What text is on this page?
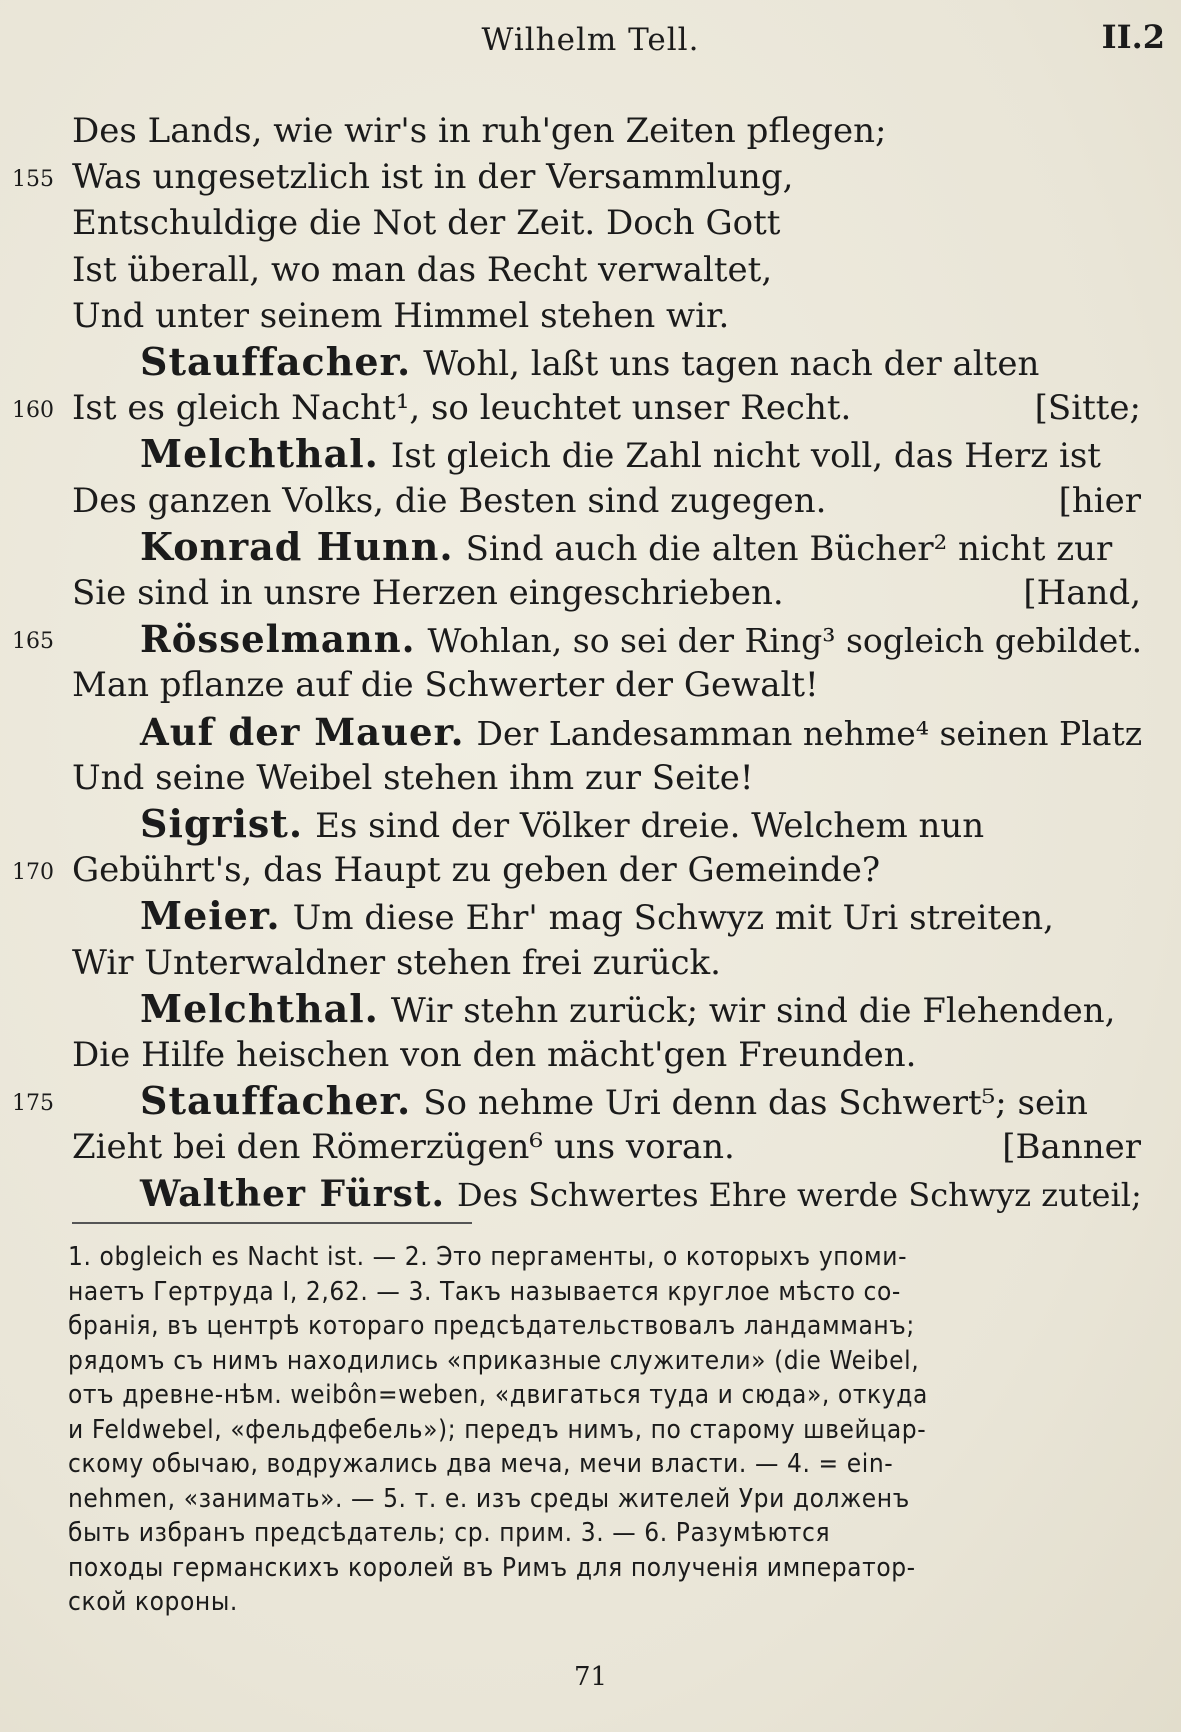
Wilhelm Tell.	II.2
Des Lands, wie wir's in ruh'gen Zeiten pflegen;
155 Was ungesetzlich ist in der Versammlung,
Entschuldige die Not der Zeit. Doch Gott
Ist überall, wo man das Recht verwaltet,
Und unter seinem Himmel stehen wir.
Stauffacher. Wohl, laßt uns tagen nach der alten
160 Ist es gleich Nacht¹, so leuchtet unser Recht.	[Sitte;
Melchthal. Ist gleich die Zahl nicht voll, das Herz ist
Des ganzen Volks, die Besten sind zugegen.	[hier
Konrad Hunn. Sind auch die alten Bücher² nicht zur
Sie sind in unsre Herzen eingeschrieben.	[Hand,
165 Rösselmann. Wohlan, so sei der Ring³ sogleich gebildet.
Man pflanze auf die Schwerter der Gewalt!
Auf der Mauer. Der Landesamman nehme⁴ seinen Platz
Und seine Weibel stehen ihm zur Seite!
Sigrist. Es sind der Völker dreie. Welchem nun
170 Gebührt's, das Haupt zu geben der Gemeinde?
Meier. Um diese Ehr' mag Schwyz mit Uri streiten,
Wir Unterwaldner stehen frei zurück.
Melchthal. Wir stehn zurück; wir sind die Flehenden,
Die Hilfe heischen von den mächt'gen Freunden.
175 Stauffacher. So nehme Uri denn das Schwert⁵; sein
Zieht bei den Römerzügen⁶ uns voran.	[Banner
Walther Fürst. Des Schwertes Ehre werde Schwyz zuteil;
1. obgleich es Nacht ist. — 2. Это пергаменты, о которыхъ упоми-
наетъ Гертруда I, 2,62. — 3. Такъ называется круглое мѣсто со-
бранія, въ центрѣ котораго предсѣдательствовалъ ландамманъ;
рядомъ съ нимъ находились «приказные служители» (die Weibel,
отъ древне-нѣм. weibôn=weben, «двигаться туда и сюда», откуда
и Feldwebel, «фельдфебель»); передъ нимъ, по старому швейцар-
скому обычаю, водружались два меча, мечи власти. — 4. = ein-
nehmen, «занимать». — 5. т. е. изъ среды жителей Ури долженъ
быть избранъ предсѣдатель; ср. прим. 3. — 6. Разумѣются
походы германскихъ королей въ Римъ для полученія император-
ской короны.
71
